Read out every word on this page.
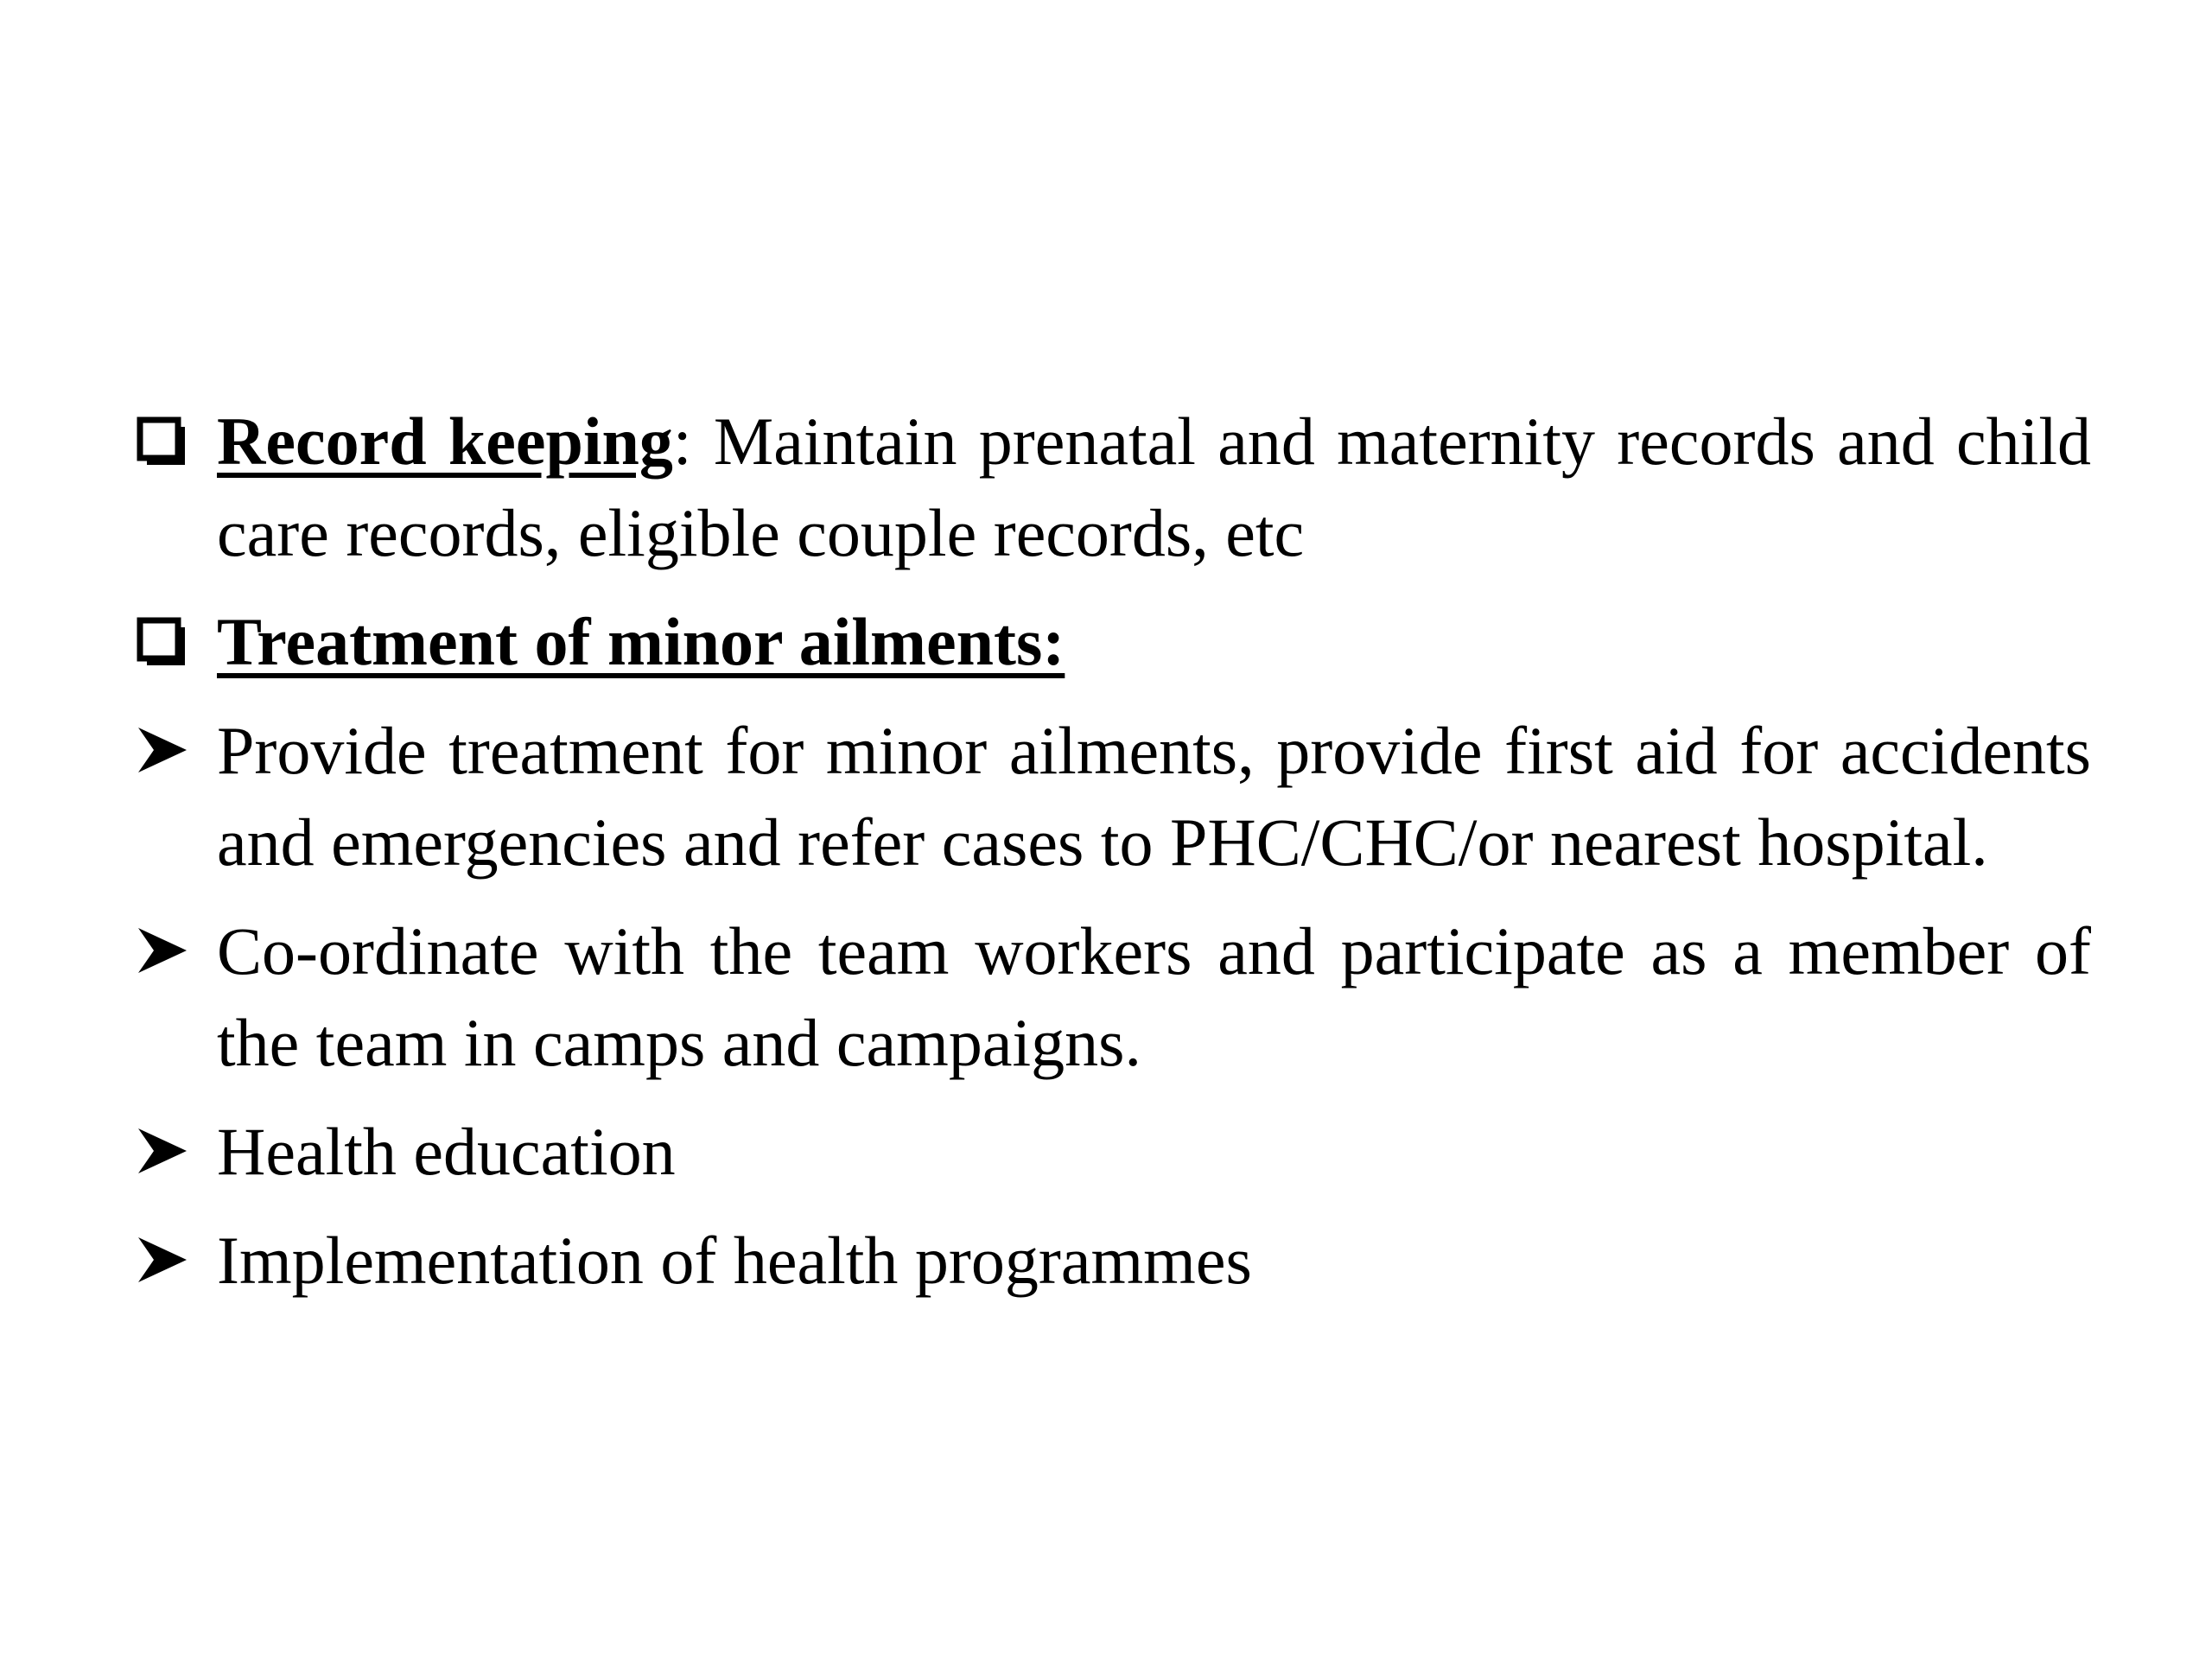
Record keeping: Maintain prenatal and maternity records and child care records, eligible couple records, etc
Treatment of minor ailments:
Provide treatment for minor ailments, provide first aid for accidents and emergencies and refer cases to PHC/CHC/or nearest hospital.
Co-ordinate with the team workers and participate as a member of the team in camps and campaigns.
Health education
Implementation of health programmes
